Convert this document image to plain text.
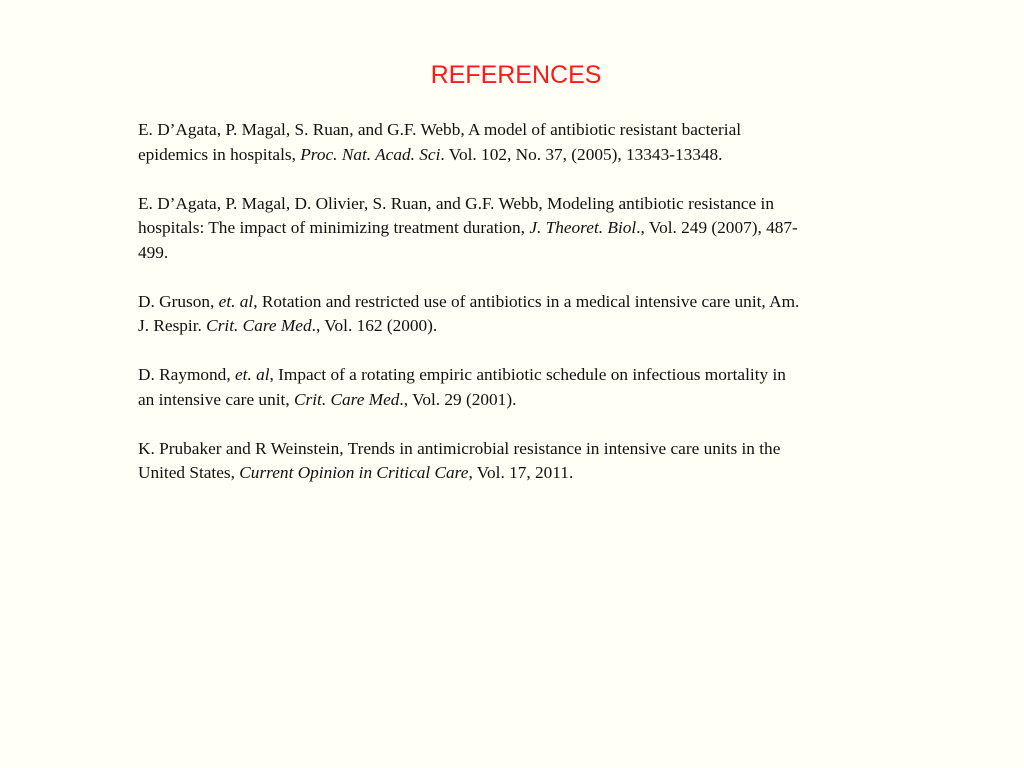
REFERENCES

E. D’Agata, P. Magal, S. Ruan, and G.F. Webb, A model of antibiotic resistant bacterial
epidemics in hospitals, Proc. Nat. Acad. Sci. Vol. 102, No. 37, (2005), 13343-13348.

E. D’Agata, P. Magal, D. Olivier, S. Ruan, and G.F. Webb, Modeling antibiotic resistance in
hospitals: The impact of minimizing treatment duration, J. Theoret. Biol., Vol. 249 (2007), 487-
499.

D. Gruson, et. al, Rotation and restricted use of antibiotics in a medical intensive care unit, Am.
J. Respir. Crit. Care Med., Vol. 162 (2000).

D. Raymond, et. al, Impact of a rotating empiric antibiotic schedule on infectious mortality in
an intensive care unit, Crit. Care Med., Vol. 29 (2001).

K. Prubaker and R Weinstein, Trends in antimicrobial resistance in intensive care units in the
United States, Current Opinion in Critical Care, Vol. 17, 2011.
